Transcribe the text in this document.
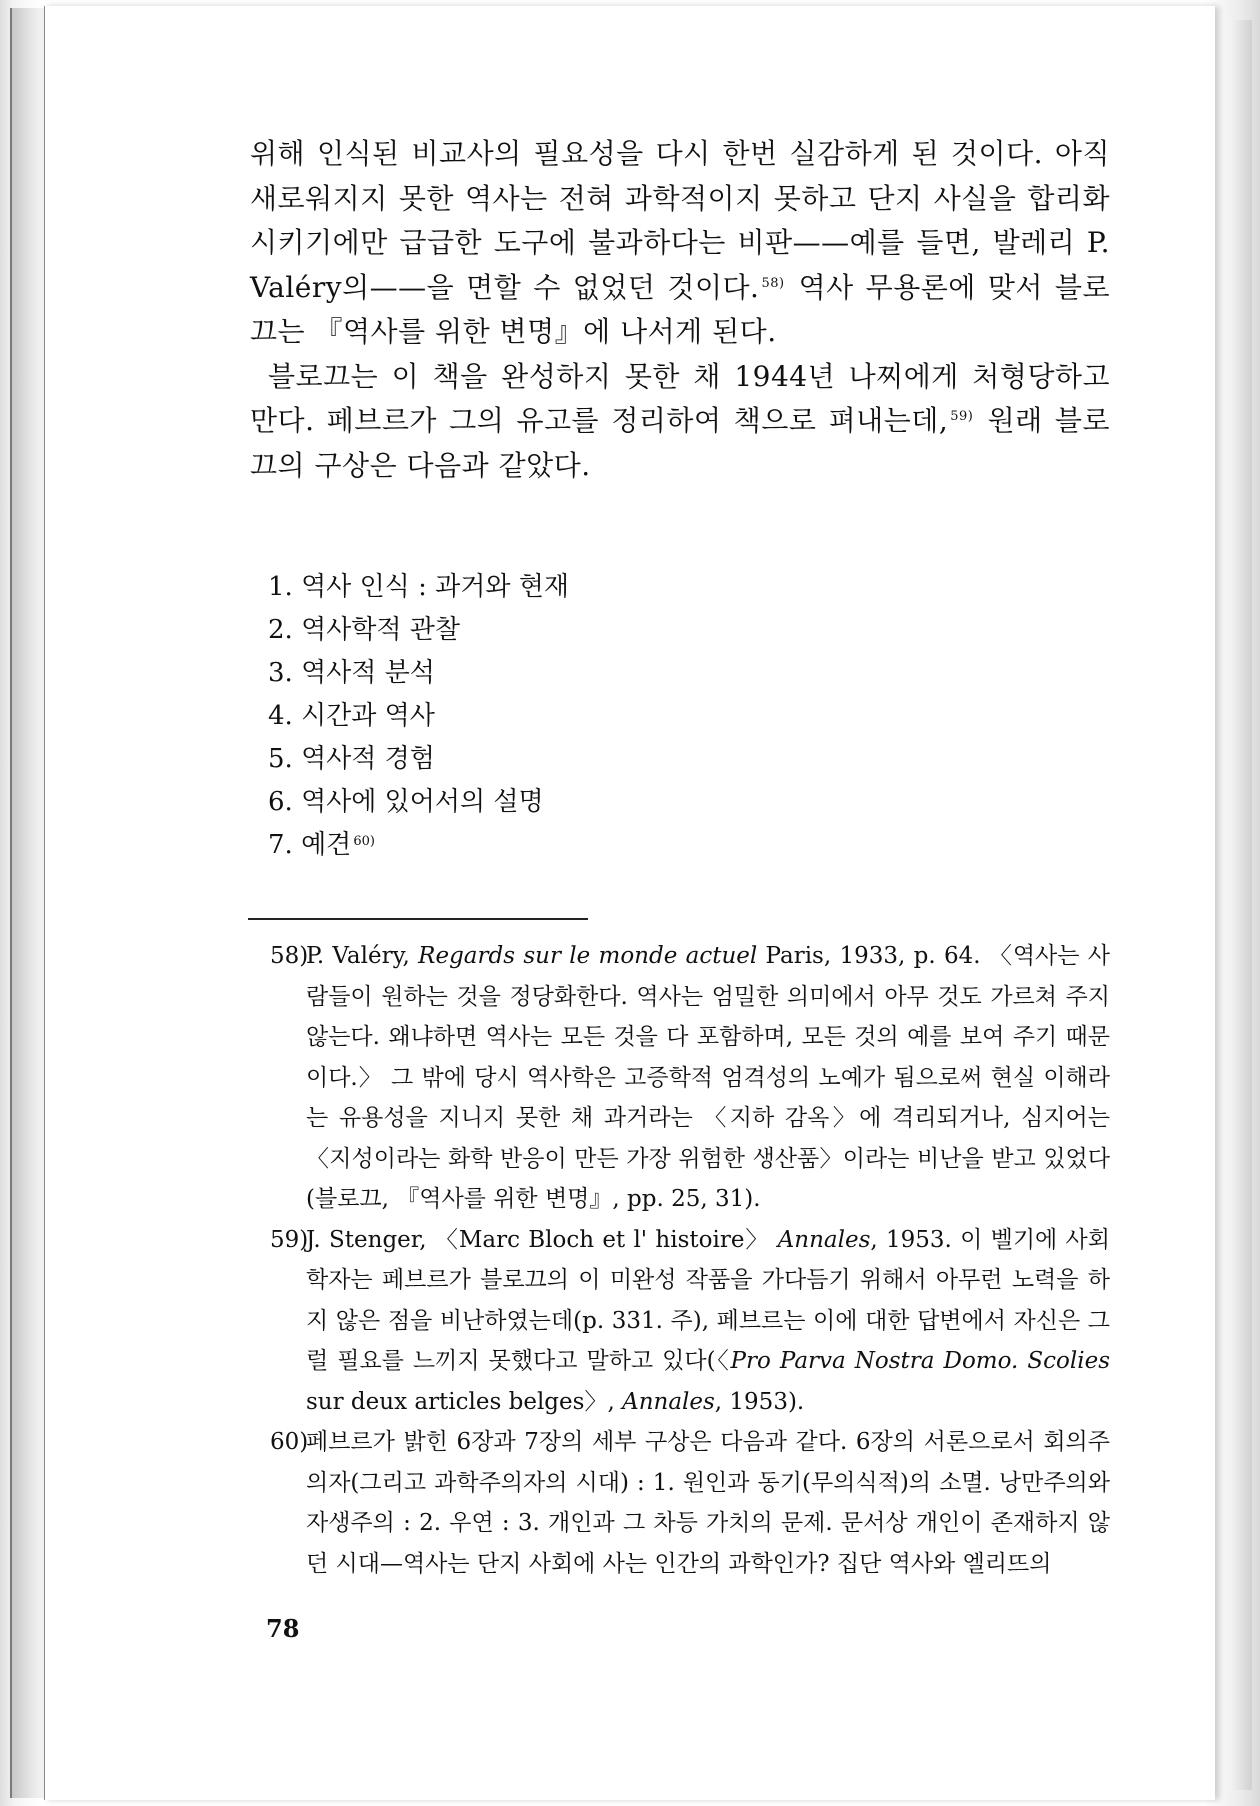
위해 인식된 비교사의 필요성을 다시 한번 실감하게 된 것이다. 아직 새로워지지 못한 역사는 전혀 과학적이지 못하고 단지 사실을 합리화시키기에만 급급한 도구에 불과하다는 비판——예를 들면, 발레리 P. Valéry의——을 면할 수 없었던 것이다. $^{58)}$ 역사 무용론에 맞서 블로끄는 『역사를 위한 변명』에 나서게 된다.

블로끄는 이 책을 완성하지 못한 채 1944년 나찌에게 처형당하고 만다. 페브르가 그의 유고를 정리하여 책으로 펴내는데, $^{59)}$ 원래 블로끄의 구상은 다음과 같았다.

1. 역사 인식 : 과거와 현재
2. 역사학적 관찰
3. 역사적 분석
4. 시간과 역사
5. 역사적 경험
6. 역사에 있어서의 설명
7. 예견 $^{60)}$

58)
P. Valéry, Regards sur le monde actuel Paris, 1933, p. 64. 〈역사는 사람들이 원하는 것을 정당화한다. 역사는 엄밀한 의미에서 아무 것도 가르쳐 주지 않는다. 왜냐하면 역사는 모든 것을 다 포함하며, 모든 것의 예를 보여 주기 때문이다.〉 그 밖에 당시 역사학은 고증학적 엄격성의 노예가 됨으로써 현실 이해라는 유용성을 지니지 못한 채 과거라는 〈지하 감옥〉에 격리되거나, 심지어는 〈지성이라는 화학 반응이 만든 가장 위험한 생산품〉이라는 비난을 받고 있었다(블로끄, 『역사를 위한 변명』, pp. 25, 31).

59)
J. Stenger, 〈Marc Bloch et l' histoire〉 Annales, 1953. 이 벨기에 사회학자는 페브르가 블로끄의 이 미완성 작품을 가다듬기 위해서 아무런 노력을 하지 않은 점을 비난하였는데(p. 331. 주), 페브르는 이에 대한 답변에서 자신은 그럴 필요를 느끼지 못했다고 말하고 있다(〈Pro Parva Nostra Domo. Scolies sur deux articles belges〉, Annales, 1953).

60)
페브르가 밝힌 6장과 7장의 세부 구상은 다음과 같다. 6장의 서론으로서 회의주의자(그리고 과학주의자의 시대) : 1. 원인과 동기(무의식적)의 소멸. 낭만주의와 자생주의 : 2. 우연 : 3. 개인과 그 차등 가치의 문제. 문서상 개인이 존재하지 않던 시대—역사는 단지 사회에 사는 인간의 과학인가? 집단 역사와 엘리뜨의

78
